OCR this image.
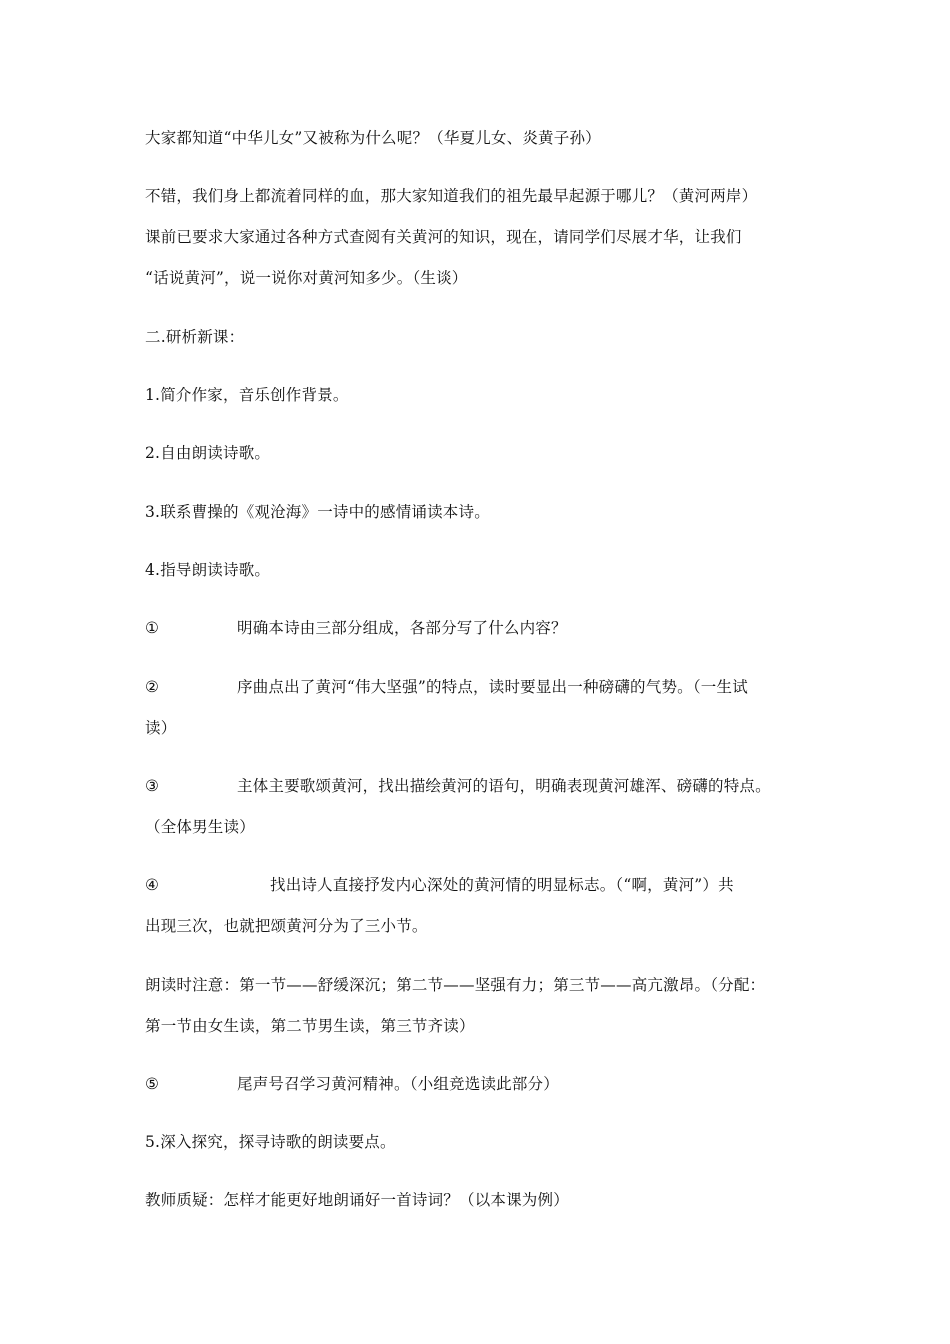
大家都知道“中华儿女”又被称为什么呢？（华夏儿女、炎黄子孙）
不错，我们身上都流着同样的血，那大家知道我们的祖先最早起源于哪儿？（黄河两岸）
课前已要求大家通过各种方式查阅有关黄河的知识，现在，请同学们尽展才华，让我们
“话说黄河”，说一说你对黄河知多少。（生谈）
二.研析新课：
1.简介作家，音乐创作背景。
2.自由朗读诗歌。
3.联系曹操的《观沧海》一诗中的感情诵读本诗。
4.指导朗读诗歌。
①	明确本诗由三部分组成，各部分写了什么内容？
②	序曲点出了黄河“伟大坚强”的特点，读时要显出一种磅礴的气势。（一生试
读）
③	主体主要歌颂黄河，找出描绘黄河的语句，明确表现黄河雄浑、磅礴的特点。
（全体男生读）
④	找出诗人直接抒发内心深处的黄河情的明显标志。（“啊，黄河”）共
出现三次，也就把颂黄河分为了三小节。
朗读时注意：第一节——舒缓深沉；第二节——坚强有力；第三节——高亢激昂。（分配：
第一节由女生读，第二节男生读，第三节齐读）
⑤	尾声号召学习黄河精神。（小组竞选读此部分）
5.深入探究，探寻诗歌的朗读要点。
教师质疑：怎样才能更好地朗诵好一首诗词？（以本课为例）
